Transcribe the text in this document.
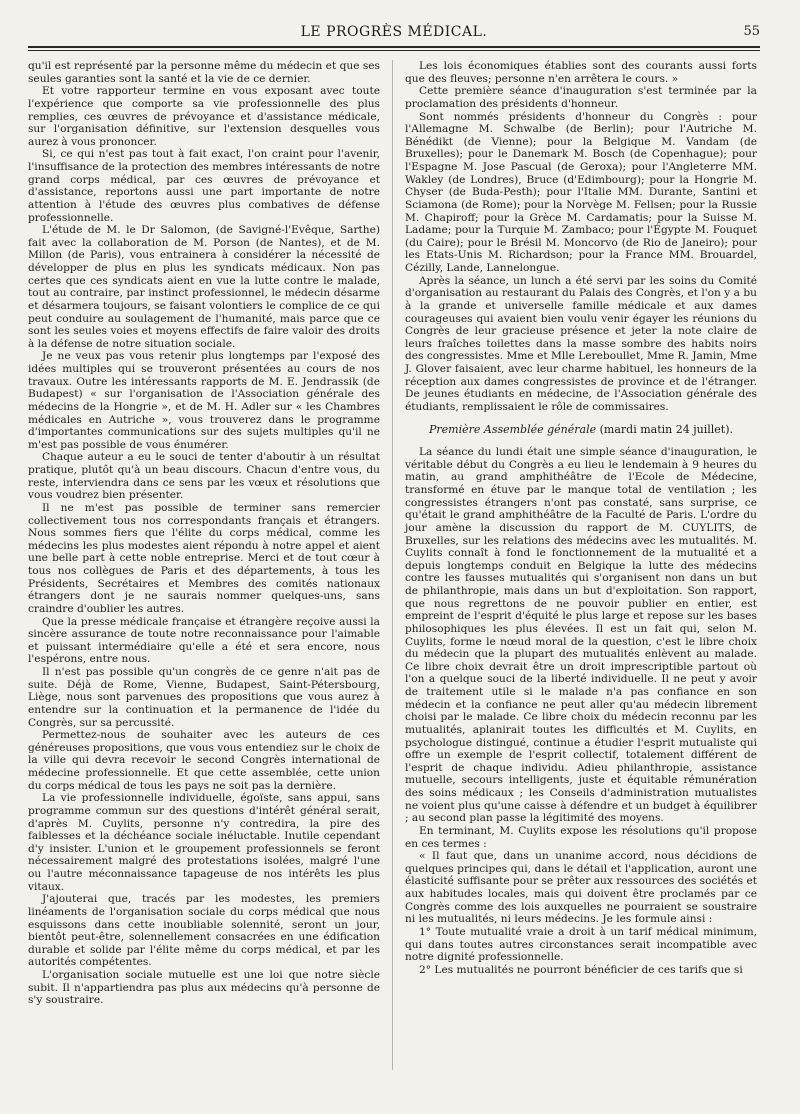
LE PROGRÈS MÉDICAL.	55

qu'il est représenté par la personne même du médecin et que ses seules garanties sont la santé et la vie de ce dernier.

Et votre rapporteur termine en vous exposant avec toute l'expérience que comporte sa vie professionnelle des plus remplies, ces œuvres de prévoyance et d'assistance médicale, sur l'organisation définitive, sur l'extension desquelles vous aurez à vous prononcer.

Si, ce qui n'est pas tout à fait exact, l'on craint pour l'avenir, l'insuffisance de la protection des membres intéressants de notre grand corps médical, par ces œuvres de prévoyance et d'assistance, reportons aussi une part importante de notre attention à l'étude des œuvres plus combatives de défense professionnelle.

L'étude de M. le Dr Salomon, (de Savigné-l'Evêque, Sarthe) fait avec la collaboration de M. Porson (de Nantes), et de M. Millon (de Paris), vous entrainera à considérer la nécessité de développer de plus en plus les syndicats médicaux. Non pas certes que ces syndicats aient en vue la lutte contre le malade, tout au contraire, par instinct professionnel, le médecin désarme et désarmera toujours, se faisant volontiers le complice de ce qui peut conduire au soulagement de l'humanité, mais parce que ce sont les seules voies et moyens effectifs de faire valoir des droits à la défense de notre situation sociale.

Je ne veux pas vous retenir plus longtemps par l'exposé des idées multiples qui se trouveront présentées au cours de nos travaux. Outre les intéressants rapports de M. E. Jendrassik (de Budapest) « sur l'organisation de l'Association générale des médecins de la Hongrie », et de M. H. Adler sur « les Chambres médicales en Autriche », vous trouverez dans le programme d'importantes communications sur des sujets multiples qu'il ne m'est pas possible de vous énumérer.

Chaque auteur a eu le souci de tenter d'aboutir à un résultat pratique, plutôt qu'à un beau discours. Chacun d'entre vous, du reste, interviendra dans ce sens par les vœux et résolutions que vous voudrez bien présenter.

Il ne m'est pas possible de terminer sans remercier collectivement tous nos correspondants français et étrangers. Nous sommes fiers que l'élite du corps médical, comme les médecins les plus modestes aient répondu à notre appel et aient une belle part à cette noble entreprise. Merci et de tout cœur à tous nos collègues de Paris et des départements, à tous les Présidents, Secrétaires et Membres des comités nationaux étrangers dont je ne saurais nommer quelques-uns, sans craindre d'oublier les autres.

Que la presse médicale française et étrangère reçoive aussi la sincère assurance de toute notre reconnaissance pour l'aimable et puissant intermédiaire qu'elle a été et sera encore, nous l'espérons, entre nous.

Il n'est pas possible qu'un congrès de ce genre n'ait pas de suite. Déjà de Rome, Vienne, Budapest, Saint-Pétersbourg, Liège, nous sont parvenues des propositions que vous aurez à entendre sur la continuation et la permanence de l'idée du Congrès, sur sa percussité.

Permettez-nous de souhaiter avec les auteurs de ces généreuses propositions, que vous vous entendiez sur le choix de la ville qui devra recevoir le second Congrès international de médecine professionnelle. Et que cette assemblée, cette union du corps médical de tous les pays ne soit pas la dernière.

La vie professionnelle individuelle, égoïste, sans appui, sans programme commun sur des questions d'intérêt général serait, d'après M. Cuylits, personne n'y contredira, la pire des faiblesses et la déchéance sociale inéluctable. Inutile cependant d'y insister. L'union et le groupement professionnels se feront nécessairement malgré des protestations isolées, malgré l'une ou l'autre méconnaissance tapageuse de nos intérêts les plus vitaux.

J'ajouterai que, tracés par les modestes, les premiers linéaments de l'organisation sociale du corps médical que nous esquissons dans cette inoubliable solennité, seront un jour, bientôt peut-être, solennellement consacrées en une édification durable et solide par l'élite même du corps médical, et par les autorités compétentes.

L'organisation sociale mutuelle est une loi que notre siècle subit. Il n'appartiendra pas plus aux médecins qu'à personne de s'y soustraire.

Les lois économiques établies sont des courants aussi forts que des fleuves; personne n'en arrêtera le cours. »

Cette première séance d'inauguration s'est terminée par la proclamation des présidents d'honneur.

Sont nommés présidents d'honneur du Congrès : pour l'Allemagne M. Schwalbe (de Berlin); pour l'Autriche M. Bénédikt (de Vienne); pour la Belgique M. Vandam (de Bruxelles); pour le Danemark M. Bosch (de Copenhague); pour l'Espagne M. Jose Pascual (de Geroxa); pour l'Angleterre MM. Wakley (de Londres), Bruce (d'Edimbourg); pour la Hongrie M. Chyser (de Buda-Pesth); pour l'Italie MM. Durante, Santini et Sciamona (de Rome); pour la Norvège M. Fellsen; pour la Russie M. Chapiroff; pour la Grèce M. Cardamatis; pour la Suisse M. Ladame; pour la Turquie M. Zambaco; pour l'Égypte M. Fouquet (du Caire); pour le Brésil M. Moncorvo (de Rio de Janeiro); pour les Etats-Unis M. Richardson; pour la France MM. Brouardel, Cézilly, Lande, Lannelongue.

Après la séance, un lunch a été servi par les soins du Comité d'organisation au restaurant du Palais des Congrès, et l'on y a bu à la grande et universelle famille médicale et aux dames courageuses qui avaient bien voulu venir égayer les réunions du Congrès de leur gracieuse présence et jeter la note claire de leurs fraîches toilettes dans la masse sombre des habits noirs des congressistes. Mme et Mlle Lereboullet, Mme R. Jamin, Mme J. Glover faisaient, avec leur charme habituel, les honneurs de la réception aux dames congressistes de province et de l'étranger. De jeunes étudiants en médecine, de l'Association générale des étudiants, remplissaient le rôle de commissaires.

Première Assemblée générale (mardi matin 24 juillet).

La séance du lundi était une simple séance d'inauguration, le véritable début du Congrès a eu lieu le lendemain à 9 heures du matin, au grand amphithéâtre de l'Ecole de Médecine, transformé en étuve par le manque total de ventilation ; les congressistes étrangers n'ont pas constaté, sans surprise, ce qu'était le grand amphithéâtre de la Faculté de Paris. L'ordre du jour amène la discussion du rapport de M. CUYLITS, de Bruxelles, sur les relations des médecins avec les mutualités. M. Cuylits connaît à fond le fonctionnement de la mutualité et a depuis longtemps conduit en Belgique la lutte des médecins contre les fausses mutualités qui s'organisent non dans un but de philanthropie, mais dans un but d'exploitation. Son rapport, que nous regrettons de ne pouvoir publier en entier, est empreint de l'esprit d'équité le plus large et repose sur les bases philosophiques les plus élevées. Il est un fait qui, selon M. Cuylits, forme le nœud moral de la question, c'est le libre choix du médecin que la plupart des mutualités enlèvent au malade. Ce libre choix devrait être un droit imprescriptible partout où l'on a quelque souci de la liberté individuelle. Il ne peut y avoir de traitement utile si le malade n'a pas confiance en son médecin et la confiance ne peut aller qu'au médecin librement choisi par le malade. Ce libre choix du médecin reconnu par les mutualités, aplanirait toutes les difficultés et M. Cuylits, en psychologue distingué, continue a étudier l'esprit mutualiste qui offre un exemple de l'esprit collectif, totalement différent de l'esprit de chaque individu. Adieu philanthropie, assistance mutuelle, secours intelligents, juste et équitable rémunération des soins médicaux ; les Conseils d'administration mutualistes ne voient plus qu'une caisse à défendre et un budget à équilibrer ; au second plan passe la légitimité des moyens.

En terminant, M. Cuylits expose les résolutions qu'il propose en ces termes :

« Il faut que, dans un unanime accord, nous décidions de quelques principes qui, dans le détail et l'application, auront une élasticité suffisante pour se prêter aux ressources des sociétés et aux habitudes locales, mais qui doivent être proclamés par ce Congrès comme des lois auxquelles ne pourraient se soustraire ni les mutualités, ni leurs médecins. Je les formule ainsi :

1° Toute mutualité vraie a droit à un tarif médical minimum, qui dans toutes autres circonstances serait incompatible avec notre dignité professionnelle.

2° Les mutualités ne pourront bénéficier de ces tarifs que si
